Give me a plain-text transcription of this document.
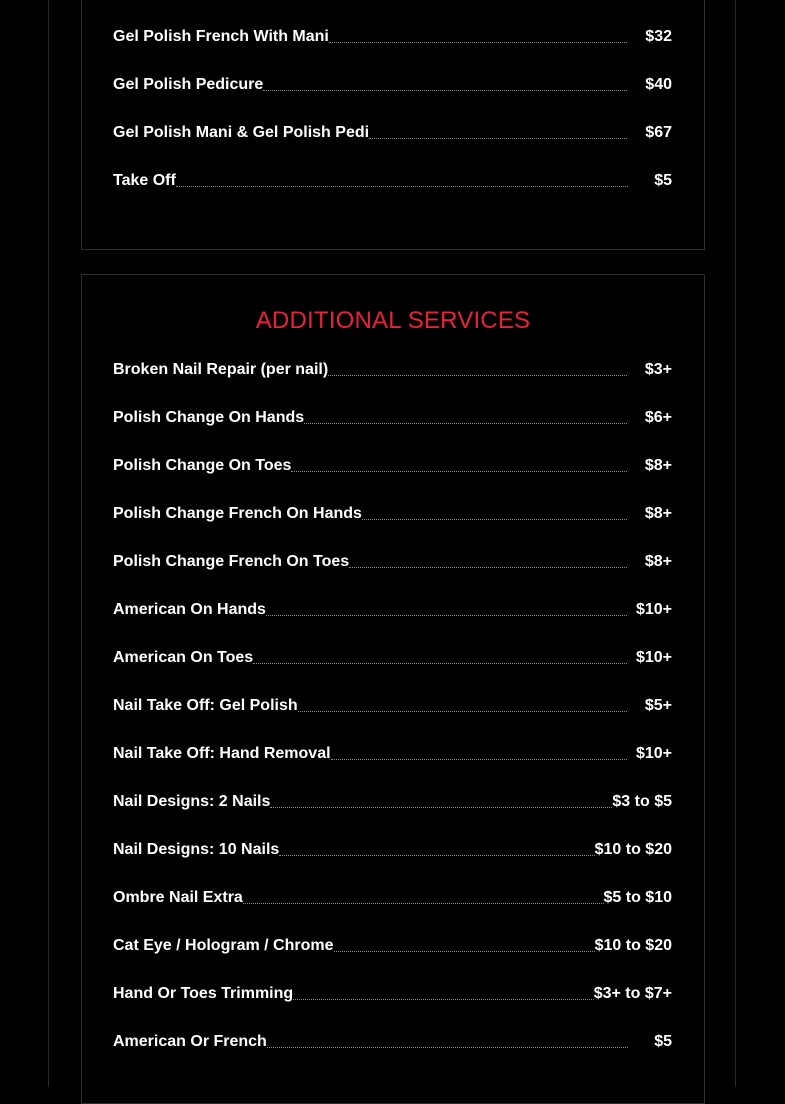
Gel Polish French With Mani	$32
Gel Polish Pedicure	$40
Gel Polish Mani & Gel Polish Pedi	$67
Take Off	$5
ADDITIONAL SERVICES
Broken Nail Repair (per nail)	$3+
Polish Change On Hands	$6+
Polish Change On Toes	$8+
Polish Change French On Hands	$8+
Polish Change French On Toes	$8+
American On Hands	$10+
American On Toes	$10+
Nail Take Off: Gel Polish	$5+
Nail Take Off: Hand Removal	$10+
Nail Designs: 2 Nails	$3 to $5
Nail Designs: 10 Nails	$10 to $20
Ombre Nail Extra	$5 to $10
Cat Eye / Hologram / Chrome	$10 to $20
Hand Or Toes Trimming	$3+ to $7+
American Or French	$5
